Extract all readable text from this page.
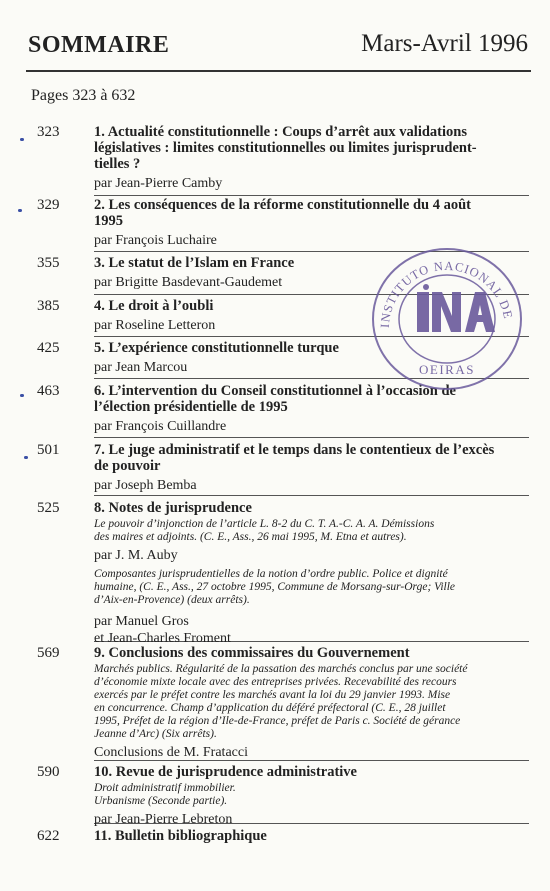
SOMMAIRE	Mars-Avril 1996
Pages 323 à 632
323 1. Actualité constitutionnelle : Coups d’arrêt aux validations
législatives : limites constitutionnelles ou limites jurisprudent-
tielles ?
par Jean-Pierre Camby
329 2. Les conséquences de la réforme constitutionnelle du 4 août
1995
par François Luchaire
355 3. Le statut de l’Islam en France
par Brigitte Basdevant-Gaudemet
385 4. Le droit à l’oubli
par Roseline Letteron
425 5. L’expérience constitutionnelle turque
par Jean Marcou
463 6. L’intervention du Conseil constitutionnel à l’occasion de
l’élection présidentielle de 1995
par François Cuillandre
501 7. Le juge administratif et le temps dans le contentieux de l’excès
de pouvoir
par Joseph Bemba
525 8. Notes de jurisprudence
Le pouvoir d’injonction de l’article L. 8-2 du C. T. A.-C. A. A. Démissions
des maires et adjoints. (C. E., Ass., 26 mai 1995, M. Etna et autres).
par J. M. Auby
Composantes jurisprudentielles de la notion d’ordre public. Police et dignité
humaine, (C. E., Ass., 27 octobre 1995, Commune de Morsang-sur-Orge; Ville
d’Aix-en-Provence) (deux arrêts).
par Manuel Gros
et Jean-Charles Froment
569 9. Conclusions des commissaires du Gouvernement
Marchés publics. Régularité de la passation des marchés conclus par une société
d’économie mixte locale avec des entreprises privées. Recevabilité des recours
exercés par le préfet contre les marchés avant la loi du 29 janvier 1993. Mise
en concurrence. Champ d’application du déféré préfectoral (C. E., 28 juillet
1995, Préfet de la région d’Ile-de-France, préfet de Paris c. Société de gérance
Jeanne d’Arc) (Six arrêts).
Conclusions de M. Fratacci
590 10. Revue de jurisprudence administrative
Droit administratif immobilier.
Urbanisme (Seconde partie).
par Jean-Pierre Lebreton
622 11. Bulletin bibliographique
INSTITUTO NACIONAL DE
OEIRAS
